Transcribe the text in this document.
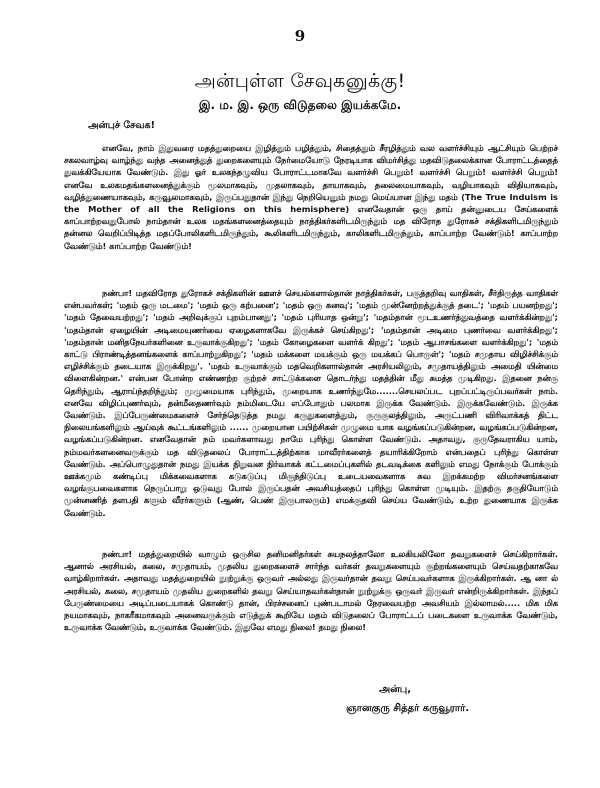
9
அன்புள்ள சேவுகனுக்கு!
இ. ம. இ. ஒரு விடுதலை இயக்கமே.
அன்புச் சேவக!

எனவே, நாம் இதுவரை மதத்துறையை இழித்தும் பழித்தும், சிதைத்தும் சீரழித்தும் வல வளர்ச்சியும் ஆட்சியும் பெற்றச் சகலவாழ்வு வாழ்ந்து வந்த அனைத்துத் துறைகளையும் நேர்மையோடு நேரடியாக விமர்சித்து மதவிடுதலைக்கான போராட்டத்தைத் துவக்கியேயாக வேண்டும். இது ஓர் உலகந்தழுவிய போராட்டமாகவே வளர்ச்சி பெறும்! வளர்ச்சி பெறும்! வளர்ச்சி பெறும்! எனவே உலகமதங்களனைத்துக்கும் மூலமாகவும், முதலாகவும், தாயாகவும், தலைமையாகவும், வழியாகவும் விதியாகவும், வழித்துணையாகவும், கருவூலமாகவும், இருப்பதுதான் இந்து நெறியெனும் நமது மெய்யான இந்து மதம் (The True Induism is the Mother of all the Religions on this hemisphere) எனவேதான் ஒரு தாய் தன்னுடைய சேய்களைக் காப்பாற்றவதுபோல் நாம்தான் உலக மதங்களனைத்தையும் நாத்திகர்களிடமிருந்தும் மத விரோத துரோகச் சக்திகளிடமிருந்தும் தன்னல வெறிப்பிடித்த மதப்போலிகளிடமிருந்தும், கூலிகளிடமிருந்தும், காலிகளிடமிருந்தும், காப்பாற்ற வேண்டும்! காப்பாற்ற வேண்டும்! காப்பாற்ற வேண்டும்!

நண்பா! மதவிரோத துரோகச் சக்திகளின் ஊளச் செயல்களால்தான் நாத்திகர்கள், பகுத்தறிவு வாதிகள், சீர்திருத்த வாதிகள் என்பவர்கள்; 'மதம் ஒரு மடமை'; 'மதம் ஒரு கற்பனை'; 'மதம் ஒரு கனவு'; 'மதம் முன்னேற்றத்துக்குத் தடை'; 'மதம் பயனற்றது'; 'மதம் தேவையற்றது'; 'மதம் அறிவுக்குப் புறம்பானது'; 'மதம் புரியாத ஒன்று'; 'மதம்தான் மூடஉணர்த்துவத்தை வளர்க்கின்றது'; 'மதம்தான் ஏழையின் அடிமையுணர்வை ஏழைகளாகவே இருக்கச் செய்கிறது'; 'மதம்தான் அடிமை புணர்வை வளர்க்கிறது'; 'மதம்தான் மனிதநேயர்களினை உருவாக்குகிறது'; 'மதம் கோழைகளை வளர்க் கிறது'; 'மதம் ஆபாசங்களை வளர்க்கிறது'; 'மதம் காட்டு பிராண்டித்தனங்களைக் காப்பாற்றுகிறது'; 'மதம் மக்களை மயக்கும் ஒரு மயக்கப் பொருள்'; 'மதம் சமுதாய விழிச்சிக்கும் எழிச்சிக்கும் தடையாக இருக்கிறது'. 'மதம் உருவாக்கும் மதவெறிகளால்தான் அரசியலிலும், சமுதாயத்திலும் அமைதி யின்மை விளைகின்றன.' என்பன போன்ற எண்ணற்ற குற்றச் சாட்டுக்களை தொடர்ந்து மதத்தின் மீது சுமத்த முடிகிறது. இதனை நன்கு தெரிந்தும், ஆராய்ந்தறிந்தும்; முழுமையாக புரிந்தும், முறையாக உணர்ந்துமே.......செயலப்பட புறப்பட்டிருப்பவர்கள் நாம். எனவே விழிப்புணர்வும், தன்மீதைணர்வும் நம்மிடையே எப்போதும் பலமாக இருக்க வேண்டும். இருக்கவேண்டும். இருக்க வேண்டும். இப்பேருண்மைகளைச் சேர்ந்தெடுத்த நமது கருதுகளைத்தும், குருகுலத்திலும், அருட்பணி விரிவாக்கத் திட்ட நிலையங்களிலும் ஆய்வுக் கூட்டங்களிலும் ...... முறையான பயிற்சிகள் முழுமை யாக வழங்கப்படுகின்றன, வழங்கப்படுகின்றன, வழங்கப்படுகின்றன. எனவேதான் நம் மவர்களாவது நாமே புரிந்து கொள்ள வேண்டும். அதாவது, குருதேவராகிய யாம், நம்மவர்களனைவருக்கும் மத விடுதலைப் போராட்டத்திற்காக மாவீரர்களைத் தயாரிக்கிறோம் என்பதைப் புரிந்து கொள்ள வேண்டும். அப்பொழுதுதான் நமது இயக்க நிறுவன நிர்வாகக் கட்டமைப்புகளில் தடவடிக்கை களிலும் எமது நோக்கும் போக்கும் ஊக்கமும் கண்டிப்பு மிக்கவைகளாக கடுகடுப்பு மிகுந்திடுப்பு உடையவைகளாக சுவ இறக்கமற்ற விமர்சனங்களை வழங்குபவைகளாக நெருப்பாறு ஒடுவது போல் இருப்பதன் அவசியத்தைப் புரிந்து கொள்ள முடியும். இதற்கு தகுதியோடும் முன்னணித் தளபதி களும் வீரர்களும் (ஆண், பெண் இருபாலரும்) எமக்குதவி செய்ய வேண்டும், உற்ற துணையாக இருக்க வேண்டும்.

நண்பா! மதத்துறையில் வாழும் ஒருசில தனிமனிதர்கள் சுயநலத்தாலோ உலகியலிலோ தவறுகளைச் செய்கிறார்கள். ஆனால் அரசியல், கலை, சமுதாயம், முதலிய துறைகளைச் சார்ந்த வர்கள் தவறுகளையும் குற்றங்களையும் செய்வதற்காகவே வாழ்கிறார்கள். அதாவது மதத்துறையில் நூற்றுக்கு ஒருவர் அல்லது இருவர்தான் தவறு செய்பவர்களாக இருக்கிறார்கள். ஆ னா ல் அரசியல், கலை, சமுதாயம் முதலிய துறைகளில் தவறு செய்யாதவர்கள்தான் நூற்றுக்கு ஒருவர் இருவர் என்றிருக்கிறார்கள். இந்தப் பேருண்மையை அடிப்படையாகக் கொண்டு தான், பிரச்சனைப் புண்படாமல் நேரவையற்ற அவசியம் இல்லாமல்..... மிக மிக நயமாகவும், நாகரீகமாகவும் அனைவருக்கும் எடுத்துக் கூறியே மதம் விடுதலைப் போராட்டப் படைகளை உருவாக்க வேண்டும், உருவாக்க வேண்டும், உருவாக்க வேண்டும். இதுவே எமது நிலை! தமது நிலை!

அன்பு,
ஞானகுரு சித்தர் கருவூரார்.
